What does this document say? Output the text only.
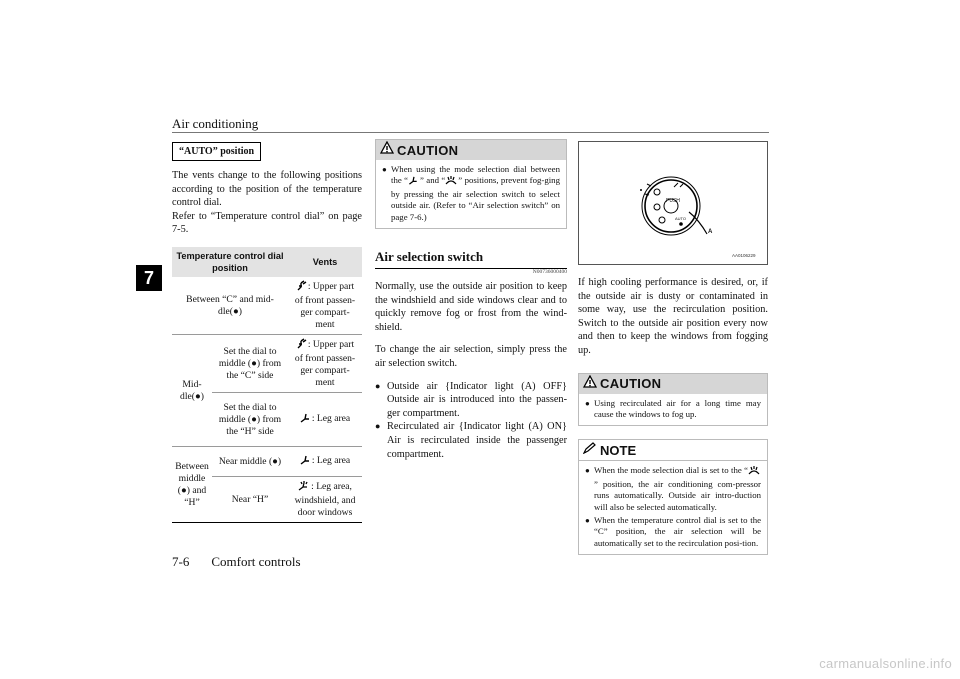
Air conditioning
7
“AUTO” position

The vents change to the following positions according to the position of the temperature control dial.
Refer to “Temperature control dial” on page 7-5.

Temperature control dial position		Vents
Between “C” and mid-dle(●)		: Upper part of front passen-ger compart-ment
Mid-dle(●)	Set the dial to middle (●) from the “C” side	: Upper part of front passen-ger compart-ment
	Set the dial to middle (●) from the “H” side	: Leg area
Between middle (●) and “H”	Near middle (●)	: Leg area
	Near “H”	: Leg area, windshield, and door windows
CAUTION
● When using the mode selection dial between the “ ” and “ ” positions, prevent fog-ging by pressing the air selection switch to select outside air. (Refer to “Air selection switch” on page 7-6.)
Air selection switch
N00736000400

Normally, use the outside air position to keep the windshield and side windows clear and to quickly remove fog or frost from the wind-shield.

To change the air selection, simply press the air selection switch.

● Outside air {Indicator light (A) OFF} Outside air is introduced into the passen-ger compartment.
● Recirculated air {Indicator light (A) ON} Air is recirculated inside the passenger compartment.
PUSH
AUTO
A
AA0106229

If high cooling performance is desired, or, if the outside air is dusty or contaminated in some way, use the recirculation position. Switch to the outside air position every now and then to keep the windows from fogging up.

CAUTION
● Using recirculated air for a long time may cause the windows to fog up.
NOTE
● When the mode selection dial is set to the “” position, the air conditioning com-pressor runs automatically. Outside air intro-duction will also be selected automatically.
● When the temperature control dial is set to the “C” position, the air selection will be automatically set to the recirculation posi-tion.
7-6 Comfort controls
carmanualsonline.info
